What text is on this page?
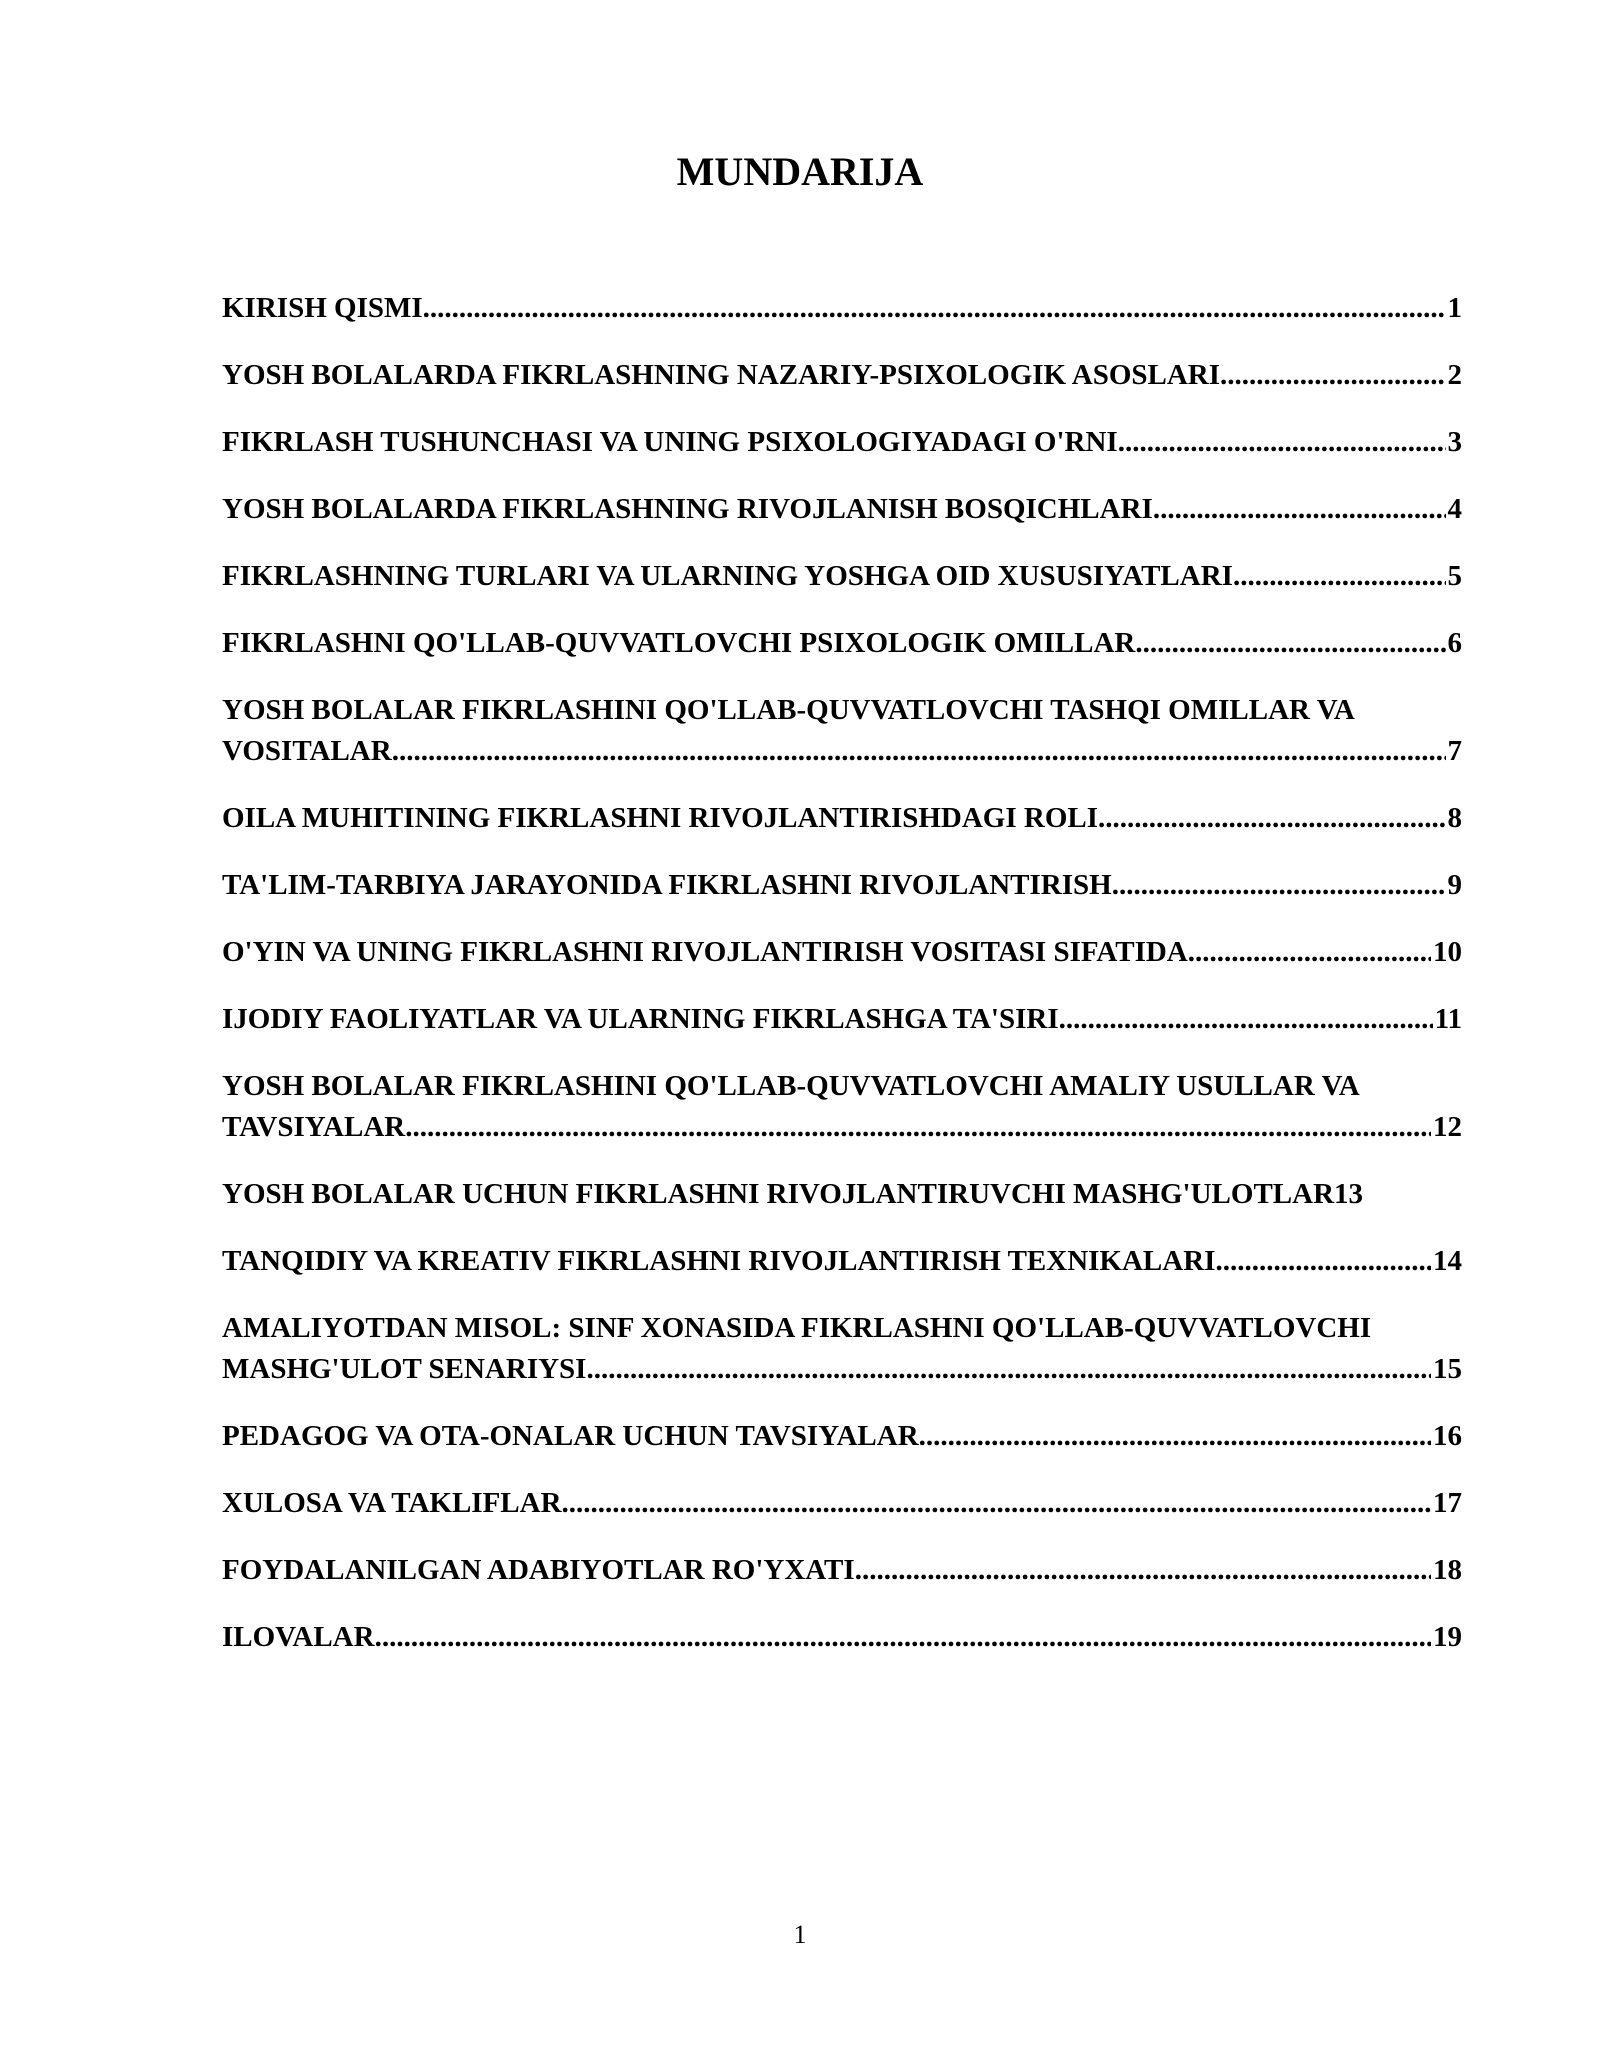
MUNDARIJA
KIRISH QISMI .....	1
YOSH BOLALARDA FIKRLASHNING NAZARIY-PSIXOLOGIK ASOSLARI .....	2
FIKRLASH TUSHUNCHASI VA UNING PSIXOLOGIYADAGI O'RNI .....	3
YOSH BOLALARDA FIKRLASHNING RIVOJLANISH BOSQICHLARI .....	4
FIKRLASHNING TURLARI VA ULARNING YOSHGA OID XUSUSIYATLARI .....	5
FIKRLASHNI QO'LLAB-QUVVATLOVCHI PSIXOLOGIK OMILLAR .....	6
YOSH BOLALAR FIKRLASHINI QO'LLAB-QUVVATLOVCHI TASHQI OMILLAR VA
VOSITALAR .....	7
OILA MUHITINING FIKRLASHNI RIVOJLANTIRISHDAGI ROLI .....	8
TA'LIM-TARBIYA JARAYONIDA FIKRLASHNI RIVOJLANTIRISH .....	9
O'YIN VA UNING FIKRLASHNI RIVOJLANTIRISH VOSITASI SIFATIDA .....	10
IJODIY FAOLIYATLAR VA ULARNING FIKRLASHGA TA'SIRI .....	11
YOSH BOLALAR FIKRLASHINI QO'LLAB-QUVVATLOVCHI AMALIY USULLAR VA
TAVSIYALAR .....	12
YOSH BOLALAR UCHUN FIKRLASHNI RIVOJLANTIRUVCHI MASHG'ULOTLAR 13
TANQIDIY VA KREATIV FIKRLASHNI RIVOJLANTIRISH TEXNIKALARI .....	14
AMALIYOTDAN MISOL: SINF XONASIDA FIKRLASHNI QO'LLAB-QUVVATLOVCHI
MASHG'ULOT SENARIYSI .....	15
PEDAGOG VA OTA-ONALAR UCHUN TAVSIYALAR .....	16
XULOSA VA TAKLIFLAR .....	17
FOYDALANILGAN ADABIYOTLAR RO'YXATI .....	18
ILOVALAR .....	19
1
